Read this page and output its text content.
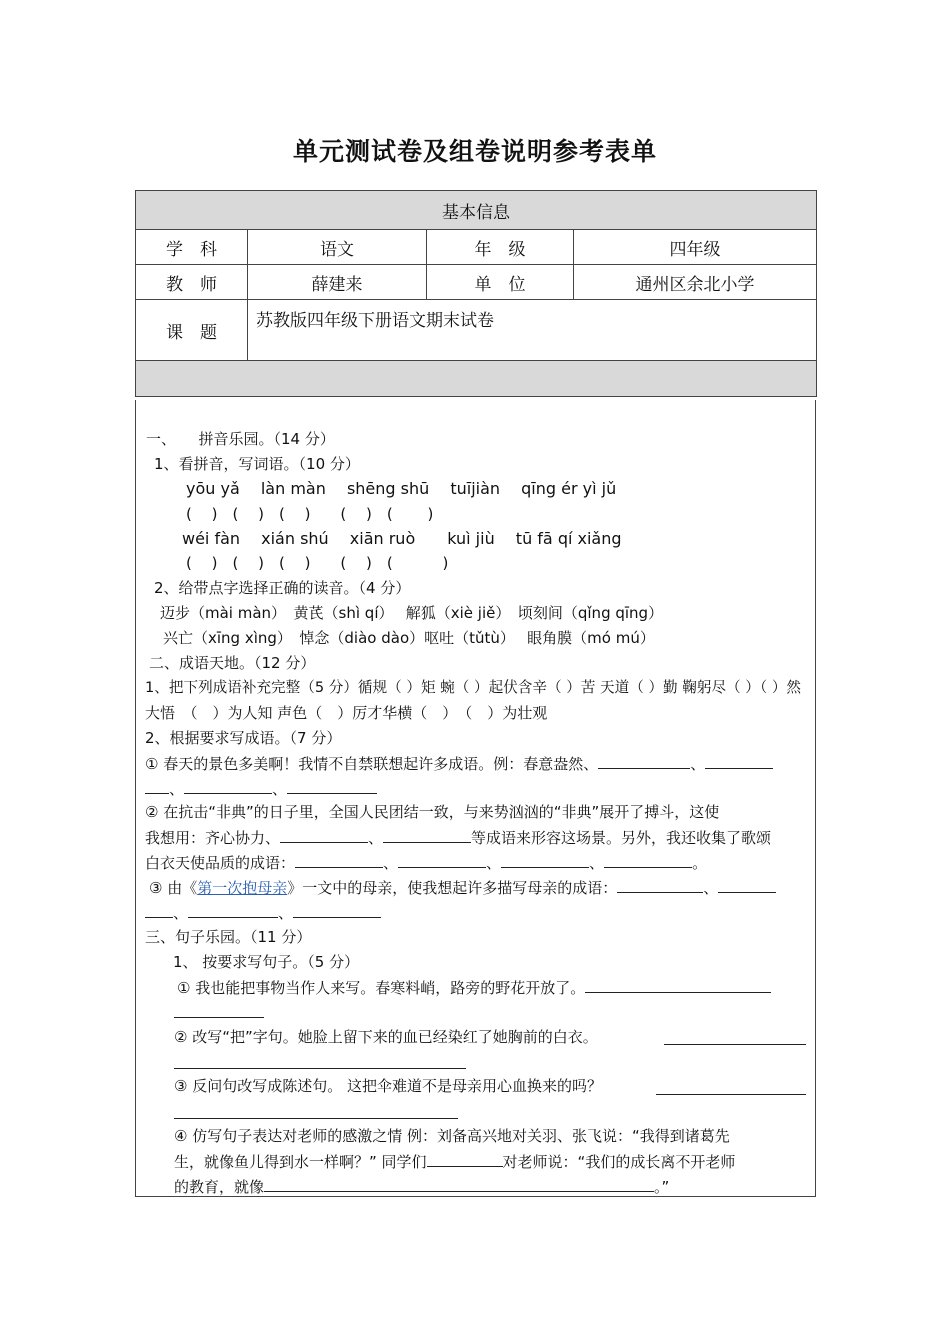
单元测试卷及组卷说明参考表单
基本信息			
学　科	语文	年　级	四年级
教　师	薛建来	单　位	通州区余北小学
课　题	苏教版四年级下册语文期末试卷		

一、　　拼音乐园。（14 分）
1、看拼音，写词语。（10 分）
yōu yǎ　 làn màn　 shēng shū　 tuījiàn　 qīng ér yì jǔ
(　 )　(　 )　(　 )　　(　 )　(　　 )
wéi fàn　 xián shú　 xiān ruò　　kuì jiù　 tū fā qí xiǎng
(　 )　(　 )　(　 )　　(　 )　(　　　 )
2、给带点字选择正确的读音。（4 分）
迈步（mài màn）　黄芪（shì qí）　 解狐（xiè jiě）　顷刻间（qǐng qīng）
兴亡（xīng xìng）　悼念（diào dào）呕吐（tǔtù）　 眼角膜（mó mú）
二、成语天地。（12 分）
1、把下列成语补充完整（5 分）循规（ ）矩 蜿（ ）起伏含辛（ ）苦 天道（ ）勤 鞠躬尽（ ）（ ）然
大悟　（　）为人知 声色（　）厉才华横（　）　（　）为壮观
2、根据要求写成语。（7 分）
① 春天的景色多美啊！我情不自禁联想起许多成语。例：春意盎然、	、
、	、
② 在抗击“非典”的日子里，全国人民团结一致，与来势汹汹的“非典”展开了搏斗，这使
我想用：齐心协力、	、	等成语来形容这场景。另外，我还收集了歌颂
白衣天使品质的成语：	、	、	、	。
③ 由《第一次抱母亲》一文中的母亲，使我想起许多描写母亲的成语：	、
、	、
三、句子乐园。（11 分）
1、 按要求写句子。（5 分）
① 我也能把事物当作人来写。春寒料峭，路旁的野花开放了。
② 改写“把”字句。她脸上留下来的血已经染红了她胸前的白衣。
③ 反问句改写成陈述句。 这把伞难道不是母亲用心血换来的吗？
④ 仿写句子表达对老师的感激之情 例：刘备高兴地对关羽、张飞说：“我得到诸葛先
生，就像鱼儿得到水一样啊？” 同学们	对老师说：“我们的成长离不开老师
的教育，就像	。”
